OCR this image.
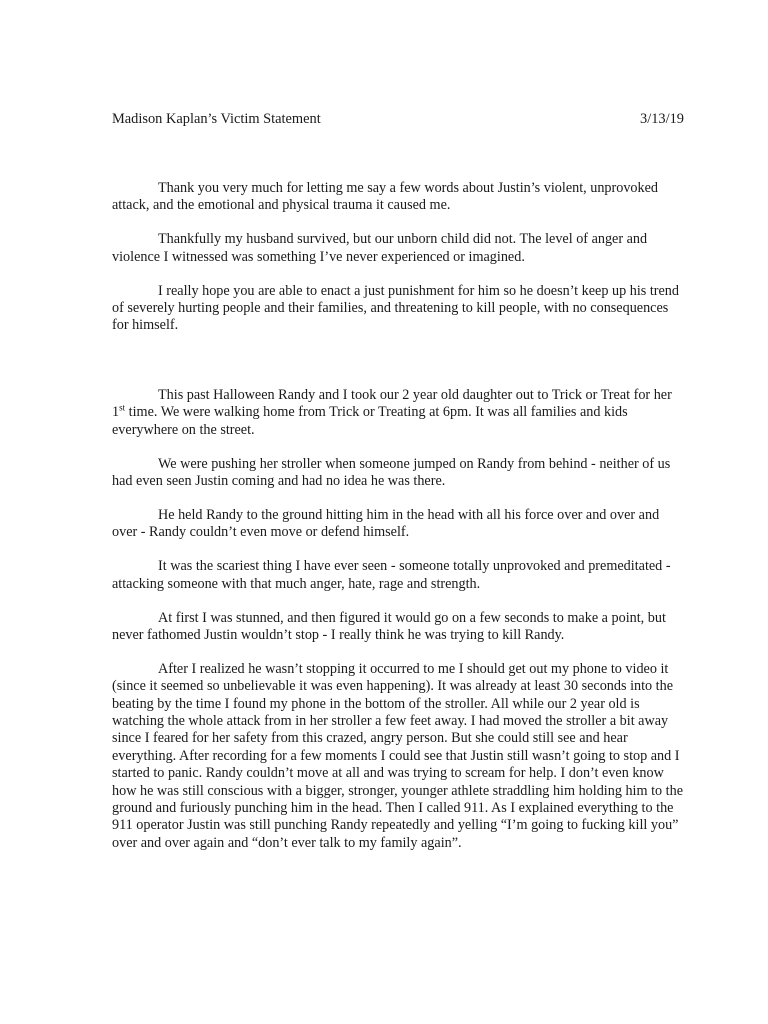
Madison Kaplan’s Victim Statement	3/13/19

Thank you very much for letting me say a few words about Justin’s violent, unprovoked attack, and the emotional and physical trauma it caused me.

Thankfully my husband survived, but our unborn child did not. The level of anger and violence I witnessed was something I’ve never experienced or imagined.

I really hope you are able to enact a just punishment for him so he doesn’t keep up his trend of severely hurting people and their families, and threatening to kill people, with no consequences for himself.

This past Halloween Randy and I took our 2 year old daughter out to Trick or Treat for her 1st time. We were walking home from Trick or Treating at 6pm. It was all families and kids everywhere on the street.

We were pushing her stroller when someone jumped on Randy from behind - neither of us had even seen Justin coming and had no idea he was there.

He held Randy to the ground hitting him in the head with all his force over and over and over - Randy couldn’t even move or defend himself.

It was the scariest thing I have ever seen - someone totally unprovoked and premeditated - attacking someone with that much anger, hate, rage and strength.

At first I was stunned, and then figured it would go on a few seconds to make a point, but never fathomed Justin wouldn’t stop - I really think he was trying to kill Randy.

After I realized he wasn’t stopping it occurred to me I should get out my phone to video it (since it seemed so unbelievable it was even happening). It was already at least 30 seconds into the beating by the time I found my phone in the bottom of the stroller. All while our 2 year old is watching the whole attack from in her stroller a few feet away. I had moved the stroller a bit away since I feared for her safety from this crazed, angry person. But she could still see and hear everything. After recording for a few moments I could see that Justin still wasn’t going to stop and I started to panic. Randy couldn’t move at all and was trying to scream for help. I don’t even know how he was still conscious with a bigger, stronger, younger athlete straddling him holding him to the ground and furiously punching him in the head. Then I called 911. As I explained everything to the 911 operator Justin was still punching Randy repeatedly and yelling “I’m going to fucking kill you” over and over again and “don’t ever talk to my family again”.
